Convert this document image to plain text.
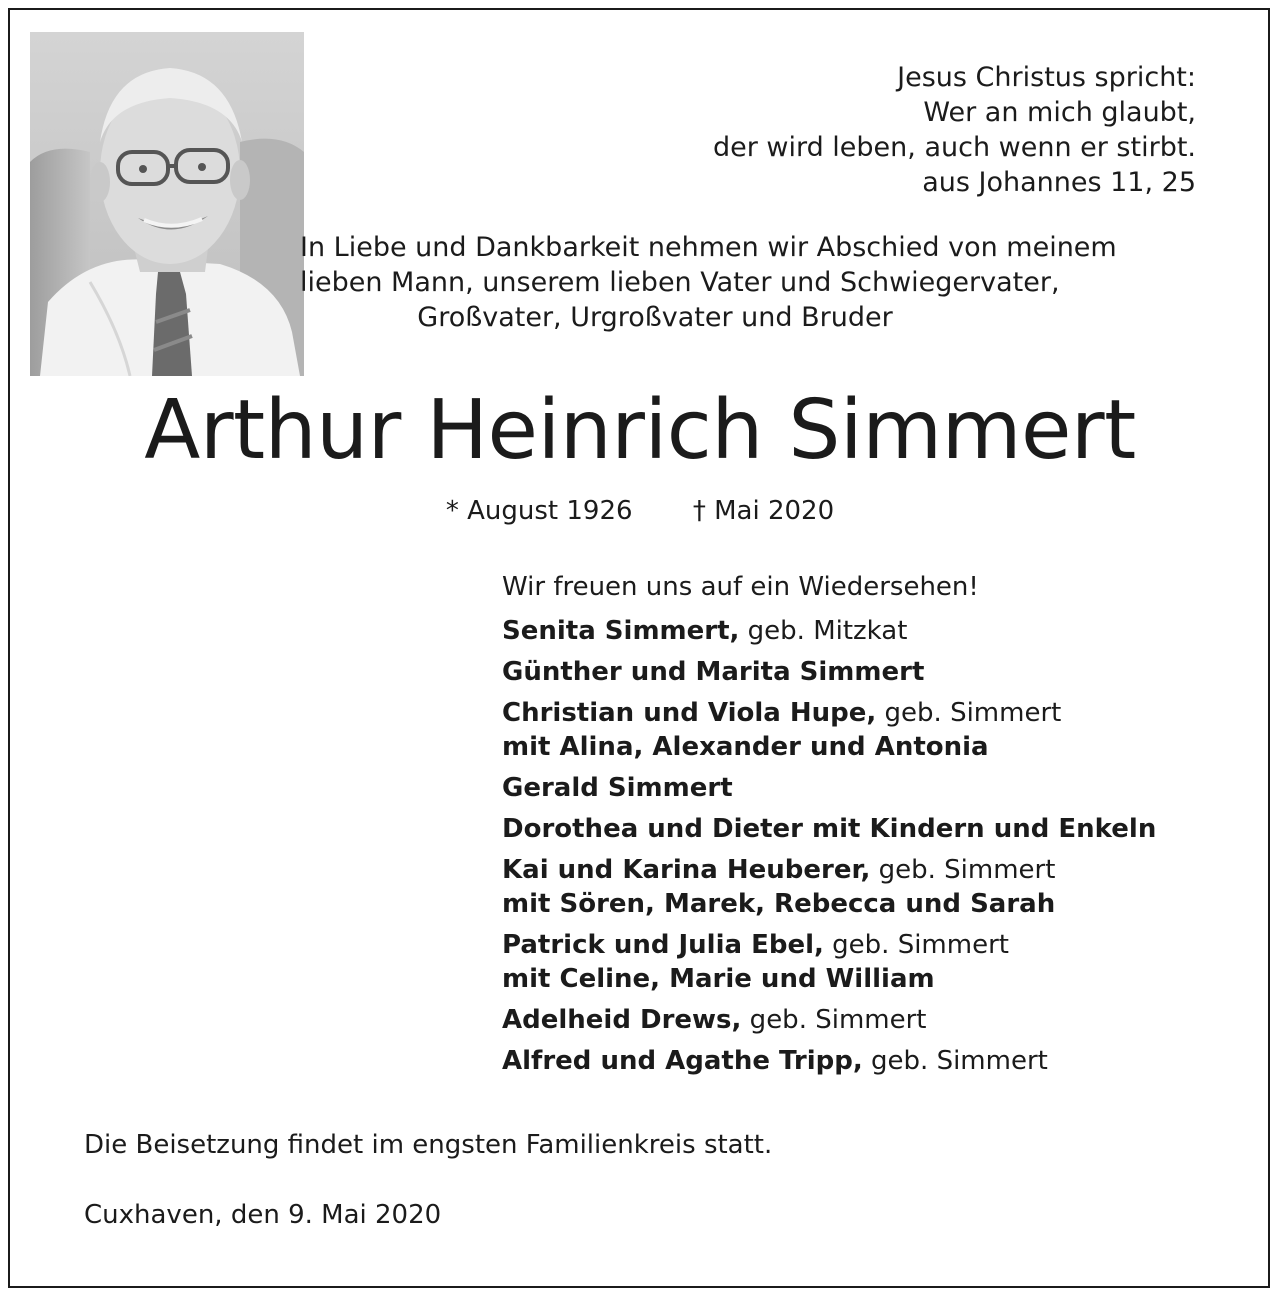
Jesus Christus spricht:
Wer an mich glaubt,
der wird leben, auch wenn er stirbt.
aus Johannes 11, 25
In Liebe und Dankbarkeit nehmen wir Abschied von meinem
lieben Mann, unserem lieben Vater und Schwiegervater,
Großvater, Urgroßvater und Bruder
Arthur Heinrich Simmert
* August 1926 † Mai 2020
Wir freuen uns auf ein Wiedersehen!
Senita Simmert, geb. Mitzkat
Günther und Marita Simmert
Christian und Viola Hupe, geb. Simmert
mit Alina, Alexander und Antonia
Gerald Simmert
Dorothea und Dieter mit Kindern und Enkeln
Kai und Karina Heuberer, geb. Simmert
mit Sören, Marek, Rebecca und Sarah
Patrick und Julia Ebel, geb. Simmert
mit Celine, Marie und William
Adelheid Drews, geb. Simmert
Alfred und Agathe Tripp, geb. Simmert
Die Beisetzung findet im engsten Familienkreis statt.
Cuxhaven, den 9. Mai 2020
